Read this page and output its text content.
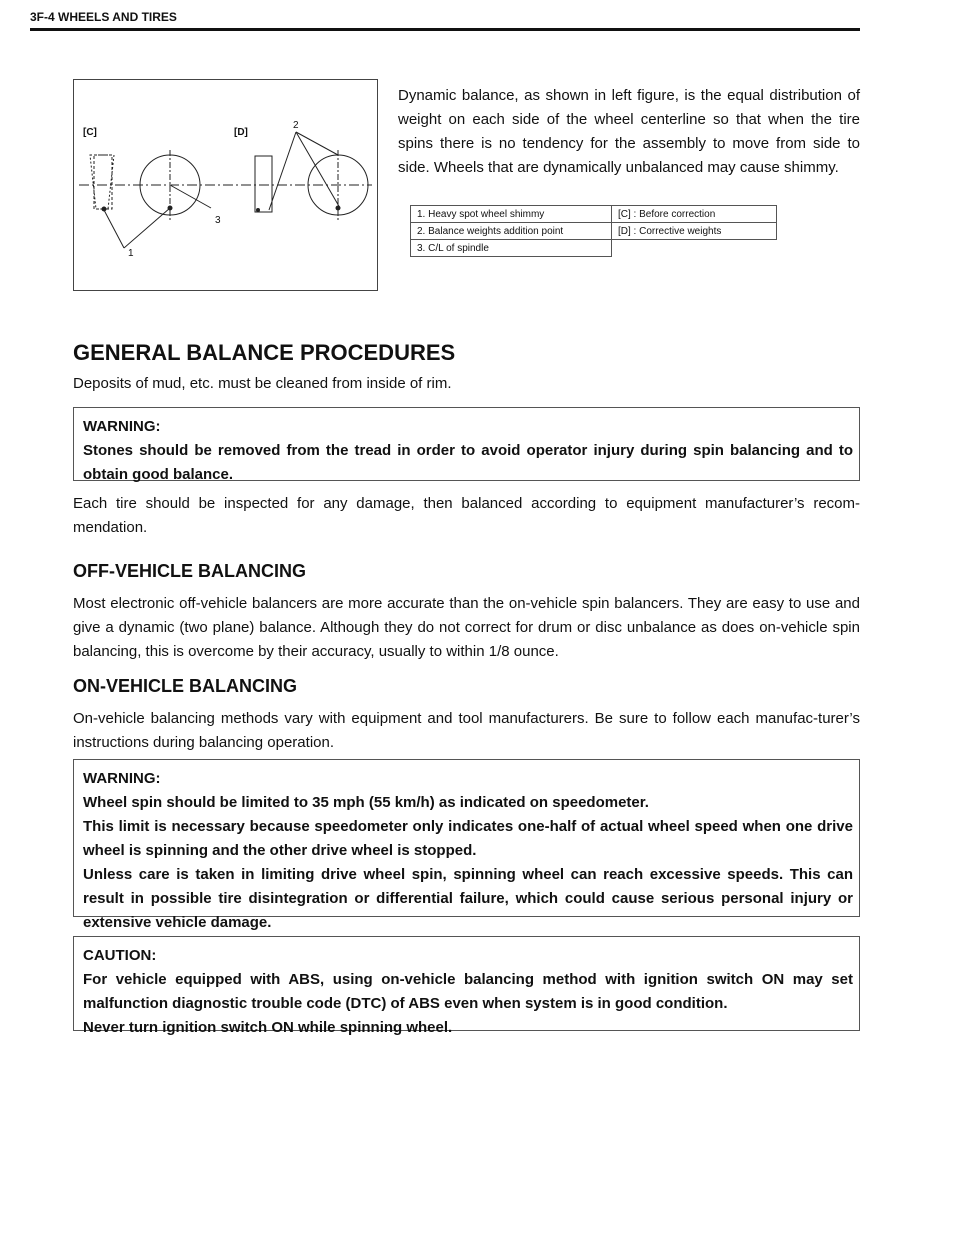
3F-4 WHEELS AND TIRES
[C]	[D]
1
2
3

Dynamic balance, as shown in left figure, is the equal distribution of weight on each side of the wheel centerline so that when the tire spins there is no tendency for the assembly to move from side to side. Wheels that are dynamically unbalanced may cause shimmy.

1. Heavy spot wheel shimmy	[C] : Before correction
2. Balance weights addition point	[D] : Corrective weights
3. C/L of spindle	
GENERAL BALANCE PROCEDURES

Deposits of mud, etc. must be cleaned from inside of rim.

WARNING:
Stones should be removed from the tread in order to avoid operator injury during spin balancing and to obtain good balance.

Each tire should be inspected for any damage, then balanced according to equipment manufacturer’s recom-mendation.

OFF-VEHICLE BALANCING

Most electronic off-vehicle balancers are more accurate than the on-vehicle spin balancers. They are easy to use and give a dynamic (two plane) balance. Although they do not correct for drum or disc unbalance as does on-vehicle spin balancing, this is overcome by their accuracy, usually to within 1/8 ounce.

ON-VEHICLE BALANCING

On-vehicle balancing methods vary with equipment and tool manufacturers. Be sure to follow each manufac-turer’s instructions during balancing operation.

WARNING:
Wheel spin should be limited to 35 mph (55 km/h) as indicated on speedometer.
This limit is necessary because speedometer only indicates one-half of actual wheel speed when one drive wheel is spinning and the other drive wheel is stopped.
Unless care is taken in limiting drive wheel spin, spinning wheel can reach excessive speeds. This can result in possible tire disintegration or differential failure, which could cause serious personal injury or extensive vehicle damage.
CAUTION:
For vehicle equipped with ABS, using on-vehicle balancing method with ignition switch ON may set malfunction diagnostic trouble code (DTC) of ABS even when system is in good condition.
Never turn ignition switch ON while spinning wheel.
